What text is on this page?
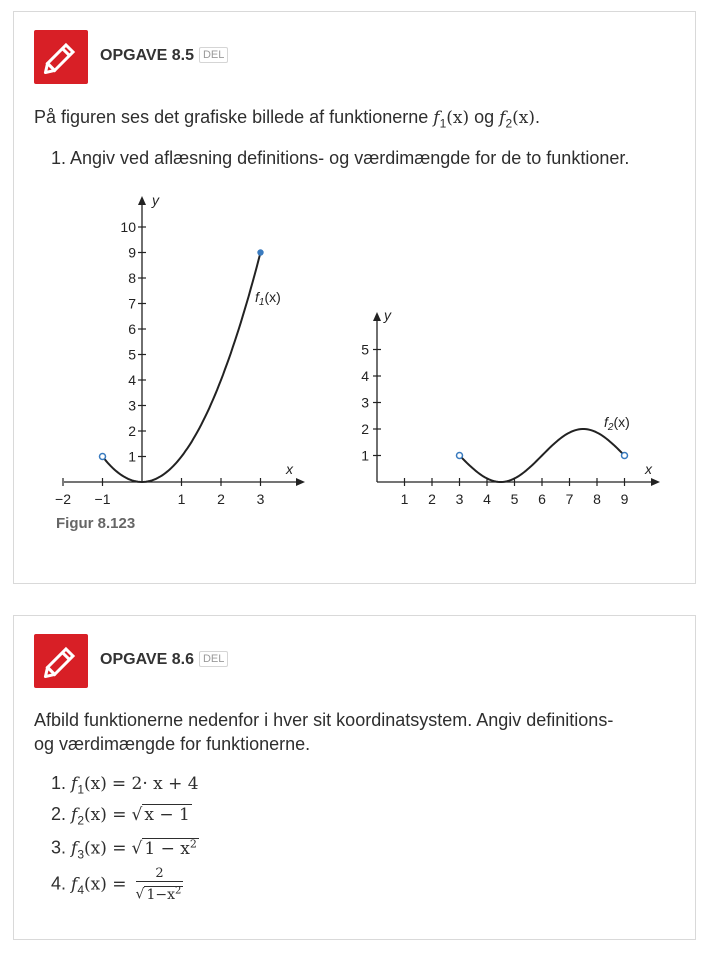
OPGAVE 8.5 DEL
På figuren ses det grafiske billede af funktionerne $f_1(x)$ og $f_2(x)$.
1. Angiv ved aflæsning definitions- og værdimængde for de to funktioner.
y
x
−2 −1	1 2 3
1
2
3
4
5
6
7
8
9
10
$f_1(x)$
y
x
1 2 3 4 5 6 7 8 9
1
2
3
4
5
$f_2(x)$
Figur 8.123
OPGAVE 8.6 DEL
Afbild funktionerne nedenfor i hver sit koordinatsystem. Angiv definitions-
og værdimængde for funktionerne.
1. $f_1(x) = 2\cdot x + 4$
2. $f_2(x)$ = √ x − 1
3. $f_3(x)$ = √ $1 - x^2$
4. $f_4(x) = \frac{2}{√ 1-x^2}$
